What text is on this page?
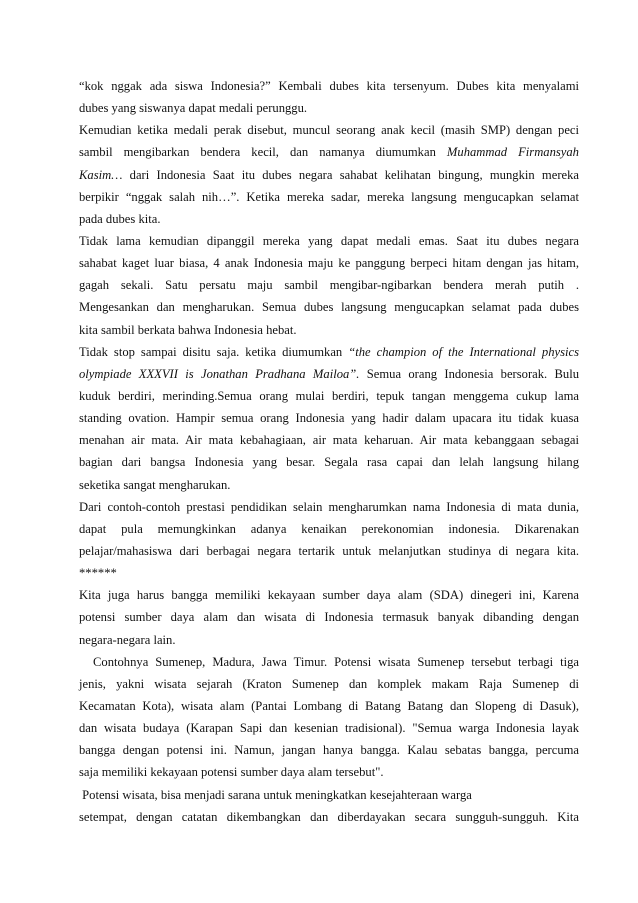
“kok nggak ada siswa Indonesia?” Kembali dubes kita tersenyum. Dubes kita menyalami
dubes yang siswanya dapat medali perunggu.
Kemudian ketika medali perak disebut, muncul seorang anak kecil (masih SMP) dengan peci
sambil mengibarkan bendera kecil, dan namanya diumumkan Muhammad Firmansyah
Kasim… dari Indonesia Saat itu dubes negara sahabat kelihatan bingung, mungkin mereka
berpikir “nggak salah nih…”. Ketika mereka sadar, mereka langsung mengucapkan selamat
pada dubes kita.
Tidak lama kemudian dipanggil mereka yang dapat medali emas. Saat itu dubes negara
sahabat kaget luar biasa, 4 anak Indonesia maju ke panggung berpeci hitam dengan jas hitam,
gagah sekali. Satu persatu maju sambil mengibar-ngibarkan bendera merah putih .
Mengesankan dan mengharukan. Semua dubes langsung mengucapkan selamat pada dubes
kita sambil berkata bahwa Indonesia hebat.
Tidak stop sampai disitu saja. ketika diumumkan “the champion of the International physics
olympiade XXXVII is Jonathan Pradhana Mailoa”. Semua orang Indonesia bersorak. Bulu
kuduk berdiri, merinding.Semua orang mulai berdiri, tepuk tangan menggema cukup lama
standing ovation. Hampir semua orang Indonesia yang hadir dalam upacara itu tidak kuasa
menahan air mata. Air mata kebahagiaan, air mata keharuan. Air mata kebanggaan sebagai
bagian dari bangsa Indonesia yang besar. Segala rasa capai dan lelah langsung hilang
seketika sangat mengharukan.
Dari contoh-contoh prestasi pendidikan selain mengharumkan nama Indonesia di mata dunia,
dapat pula memungkinkan adanya kenaikan perekonomian indonesia. Dikarenakan
pelajar/mahasiswa dari berbagai negara tertarik untuk melanjutkan studinya di negara kita.
******
Kita juga harus bangga memiliki kekayaan sumber daya alam (SDA) dinegeri ini, Karena
potensi sumber daya alam dan wisata di Indonesia termasuk banyak dibanding dengan
negara-negara lain.
Contohnya Sumenep, Madura, Jawa Timur. Potensi wisata Sumenep tersebut terbagi tiga
jenis, yakni wisata sejarah (Kraton Sumenep dan komplek makam Raja Sumenep di
Kecamatan Kota), wisata alam (Pantai Lombang di Batang Batang dan Slopeng di Dasuk),
dan wisata budaya (Karapan Sapi dan kesenian tradisional). "Semua warga Indonesia layak
bangga dengan potensi ini. Namun, jangan hanya bangga. Kalau sebatas bangga, percuma
saja memiliki kekayaan potensi sumber daya alam tersebut".
Potensi wisata, bisa menjadi sarana untuk meningkatkan kesejahteraan warga
setempat, dengan catatan dikembangkan dan diberdayakan secara sungguh-sungguh. Kita
